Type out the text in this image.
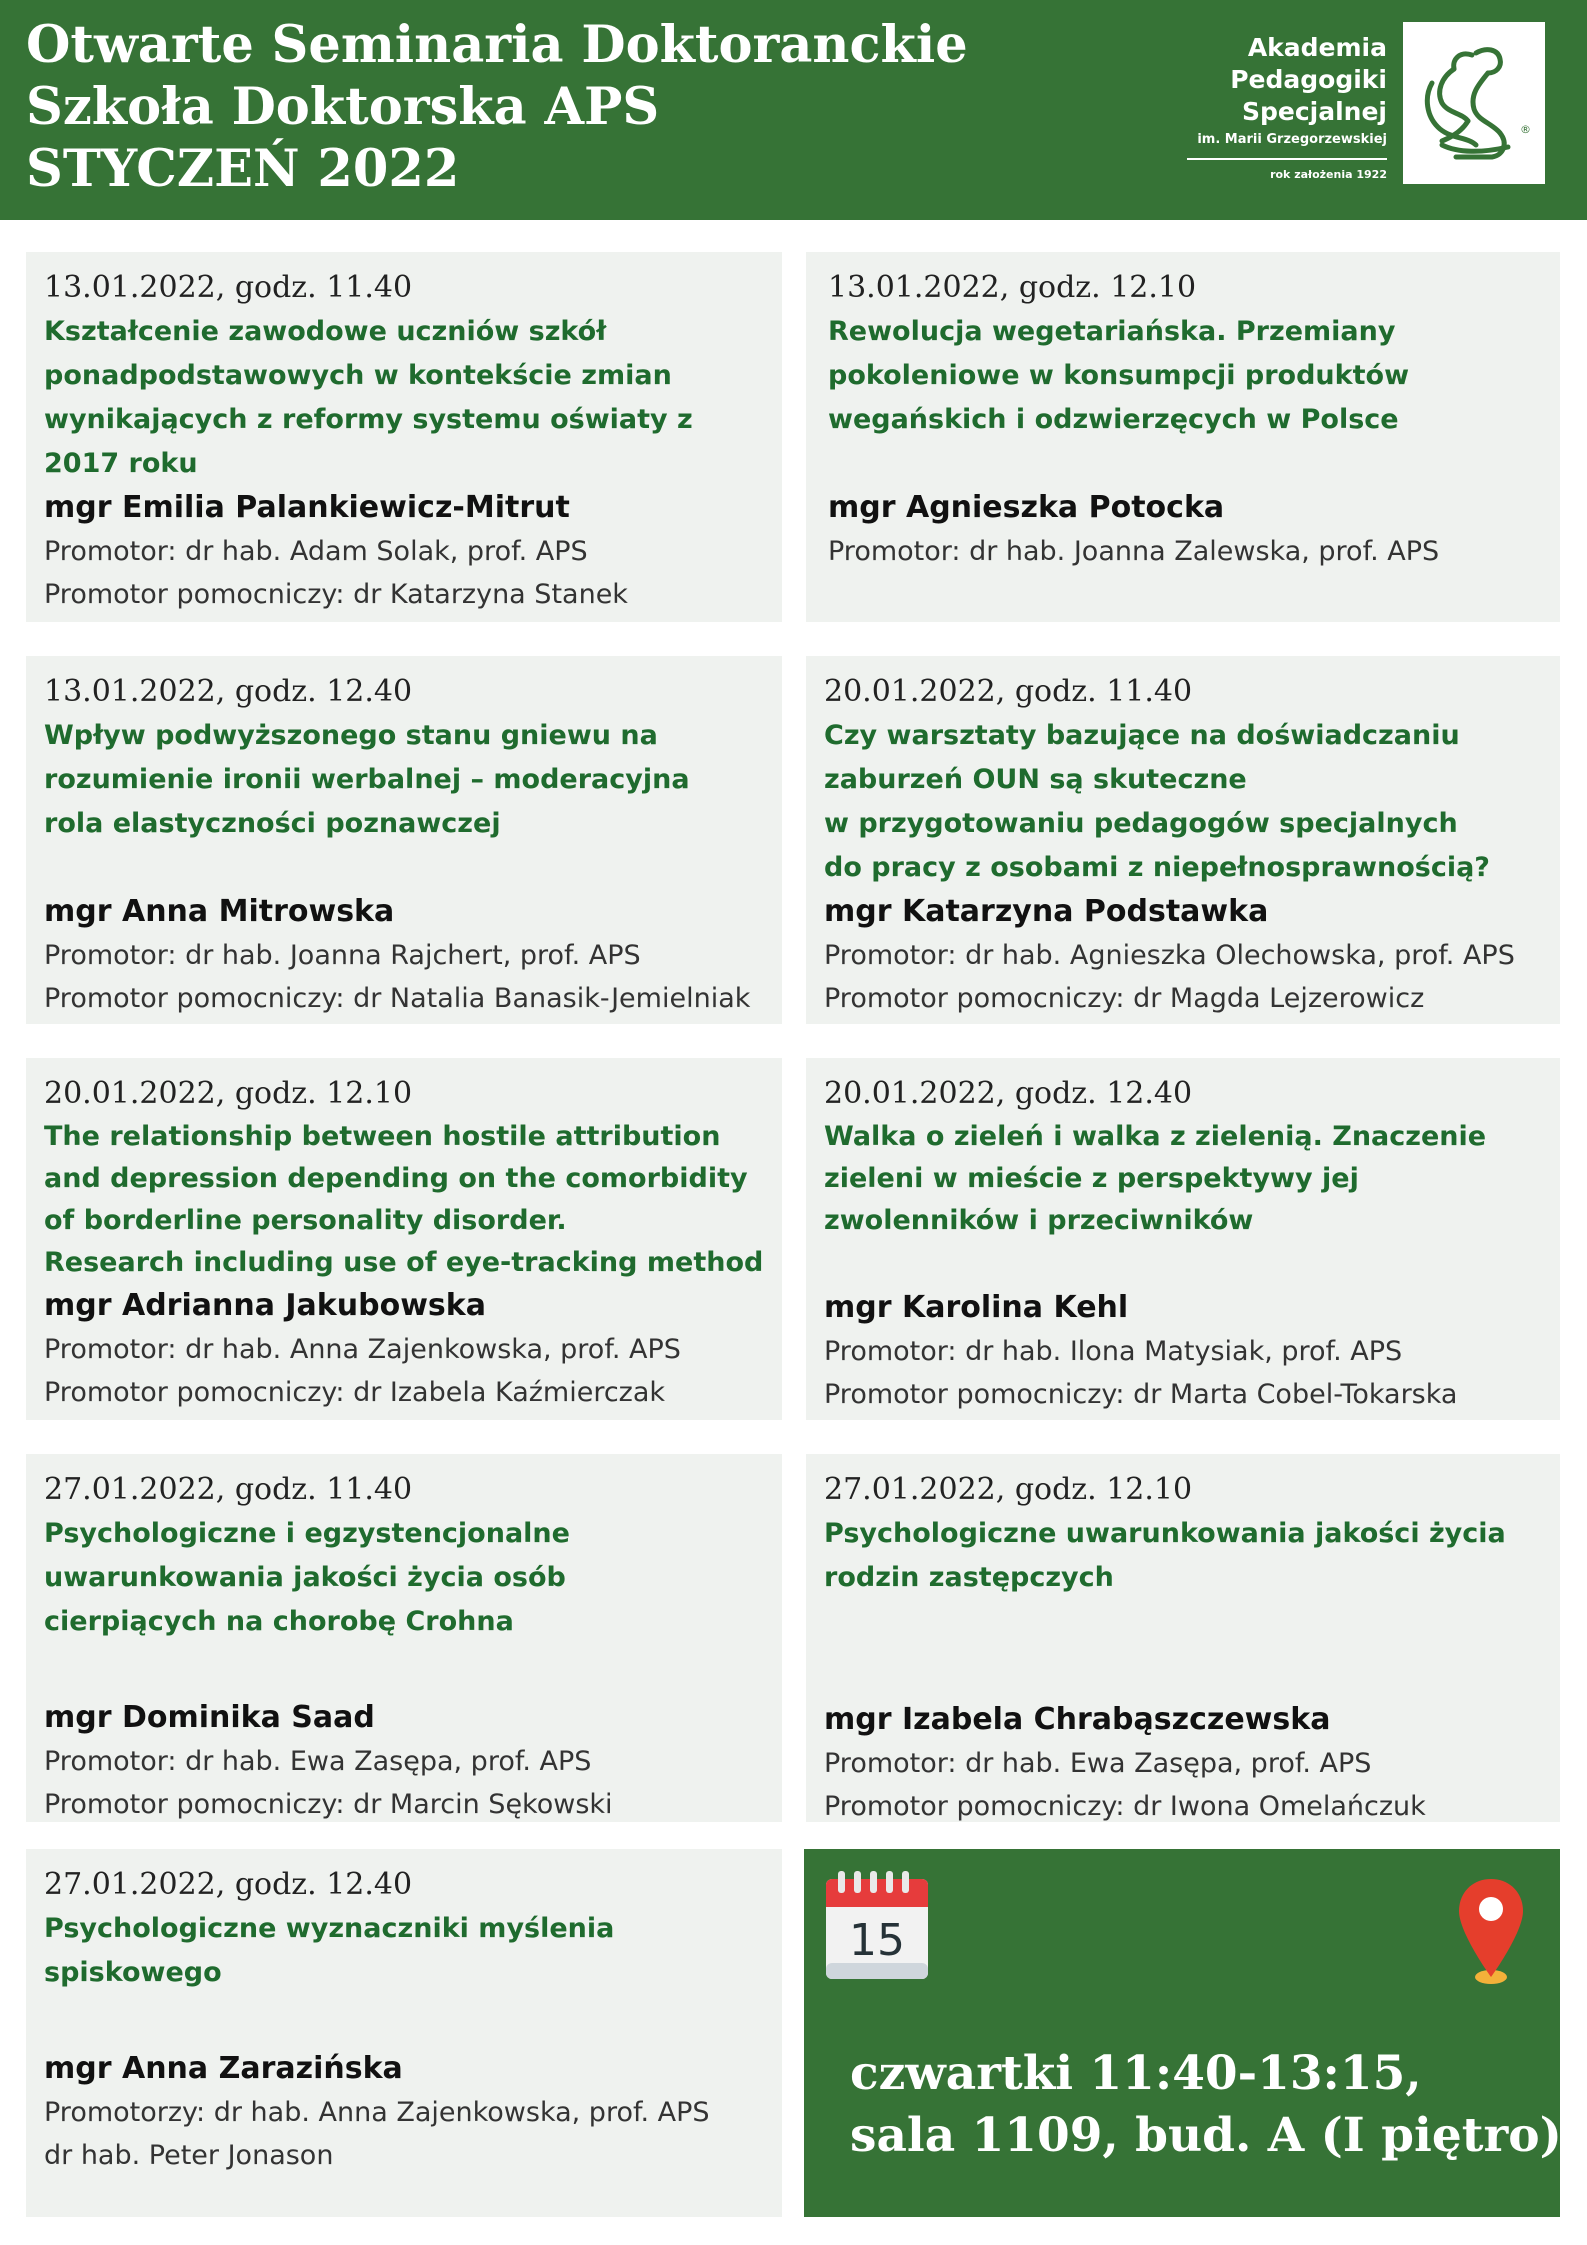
Otwarte Seminaria Doktoranckie
Szkoła Doktorska APS
STYCZEŃ 2022
Akademia
Pedagogiki
Specjalnej
im. Marii Grzegorzewskiej
rok założenia 1922
®
13.01.2022, godz. 11.40
Kształcenie zawodowe uczniów szkół
ponadpodstawowych w kontekście zmian
wynikających z reformy systemu oświaty z
2017 roku
mgr Emilia Palankiewicz-Mitrut
Promotor: dr hab. Adam Solak, prof. APS
Promotor pomocniczy: dr Katarzyna Stanek
13.01.2022, godz. 12.10
Rewolucja wegetariańska. Przemiany
pokoleniowe w konsumpcji produktów
wegańskich i odzwierzęcych w Polsce
mgr Agnieszka Potocka
Promotor: dr hab. Joanna Zalewska, prof. APS
13.01.2022, godz. 12.40
Wpływ podwyższonego stanu gniewu na
rozumienie ironii werbalnej – moderacyjna
rola elastyczności poznawczej
mgr Anna Mitrowska
Promotor: dr hab. Joanna Rajchert, prof. APS
Promotor pomocniczy: dr Natalia Banasik-Jemielniak
20.01.2022, godz. 11.40
Czy warsztaty bazujące na doświadczaniu
zaburzeń OUN są skuteczne
w przygotowaniu pedagogów specjalnych
do pracy z osobami z niepełnosprawnością?
mgr Katarzyna Podstawka
Promotor: dr hab. Agnieszka Olechowska, prof. APS
Promotor pomocniczy: dr Magda Lejzerowicz
20.01.2022, godz. 12.10
The relationship between hostile attribution
and depression depending on the comorbidity
of borderline personality disorder.
Research including use of eye-tracking method
mgr Adrianna Jakubowska
Promotor: dr hab. Anna Zajenkowska, prof. APS
Promotor pomocniczy: dr Izabela Kaźmierczak
20.01.2022, godz. 12.40
Walka o zieleń i walka z zielenią. Znaczenie
zieleni w mieście z perspektywy jej
zwolenników i przeciwników
mgr Karolina Kehl
Promotor: dr hab. Ilona Matysiak, prof. APS
Promotor pomocniczy: dr Marta Cobel-Tokarska
27.01.2022, godz. 11.40
Psychologiczne i egzystencjonalne
uwarunkowania jakości życia osób
cierpiących na chorobę Crohna
mgr Dominika Saad
Promotor: dr hab. Ewa Zasępa, prof. APS
Promotor pomocniczy: dr Marcin Sękowski
27.01.2022, godz. 12.10
Psychologiczne uwarunkowania jakości życia
rodzin zastępczych
mgr Izabela Chrabąszczewska
Promotor: dr hab. Ewa Zasępa, prof. APS
Promotor pomocniczy: dr Iwona Omelańczuk
27.01.2022, godz. 12.40
Psychologiczne wyznaczniki myślenia
spiskowego
mgr Anna Zarazińska
Promotorzy: dr hab. Anna Zajenkowska, prof. APS
dr hab. Peter Jonason
15
czwartki 11:40-13:15,
sala 1109, bud. A (I piętro)
